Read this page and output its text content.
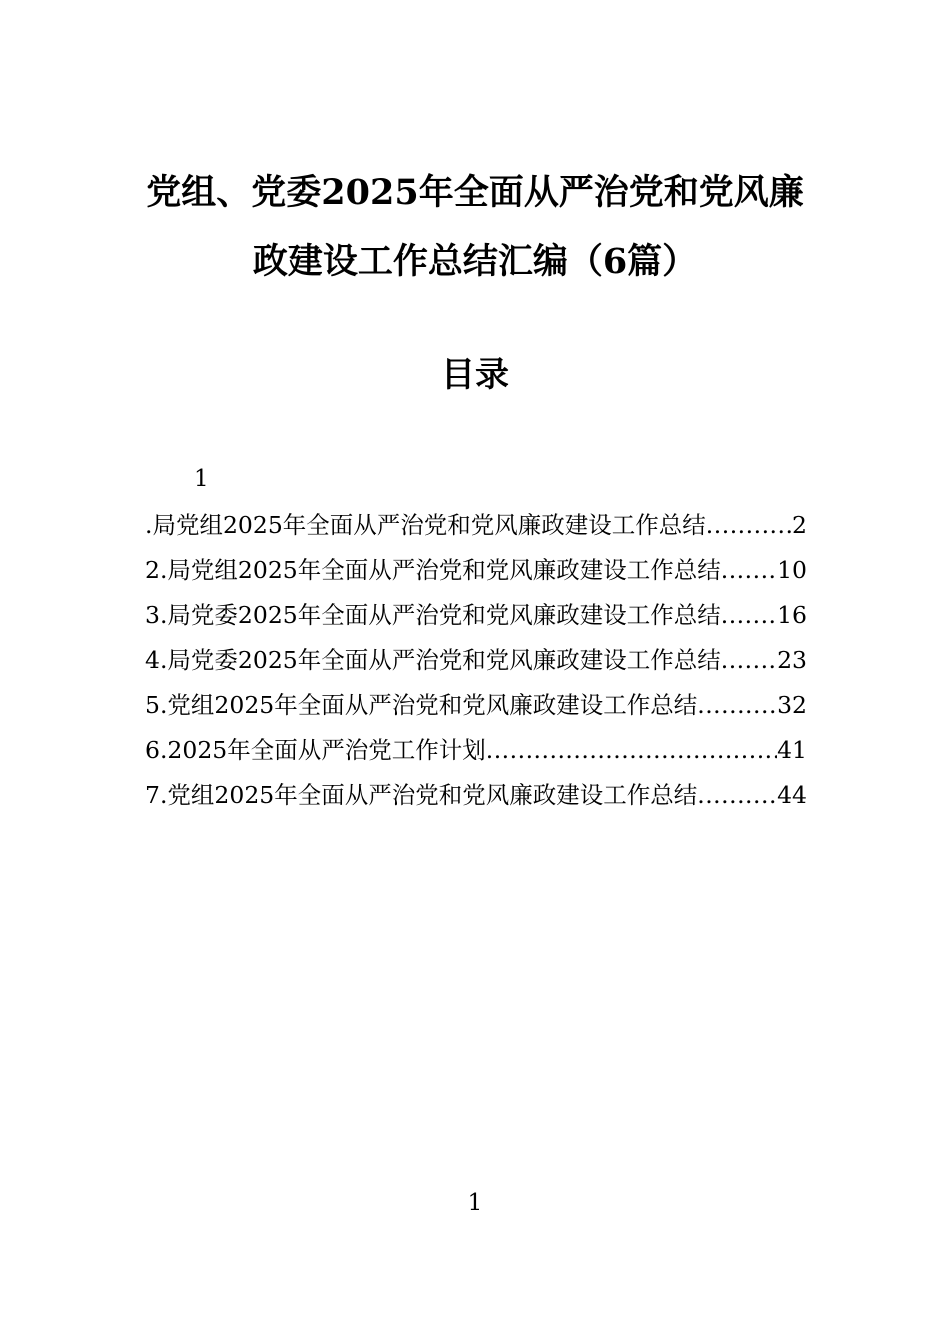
党组、党委2025年全面从严治党和党风廉
政建设工作总结汇编（6篇）
目录
1
.局党组2025年全面从严治党和党风廉政建设工作总结 .....	2
2.局党组2025年全面从严治党和党风廉政建设工作总结 ..... 10
3.局党委2025年全面从严治党和党风廉政建设工作总结 ..... 16
4.局党委2025年全面从严治党和党风廉政建设工作总结 ..... 23
5.党组2025年全面从严治党和党风廉政建设工作总结 .....	32
6.2025年全面从严治党工作计划 .....	41
7.党组2025年全面从严治党和党风廉政建设工作总结 .....	44
1
